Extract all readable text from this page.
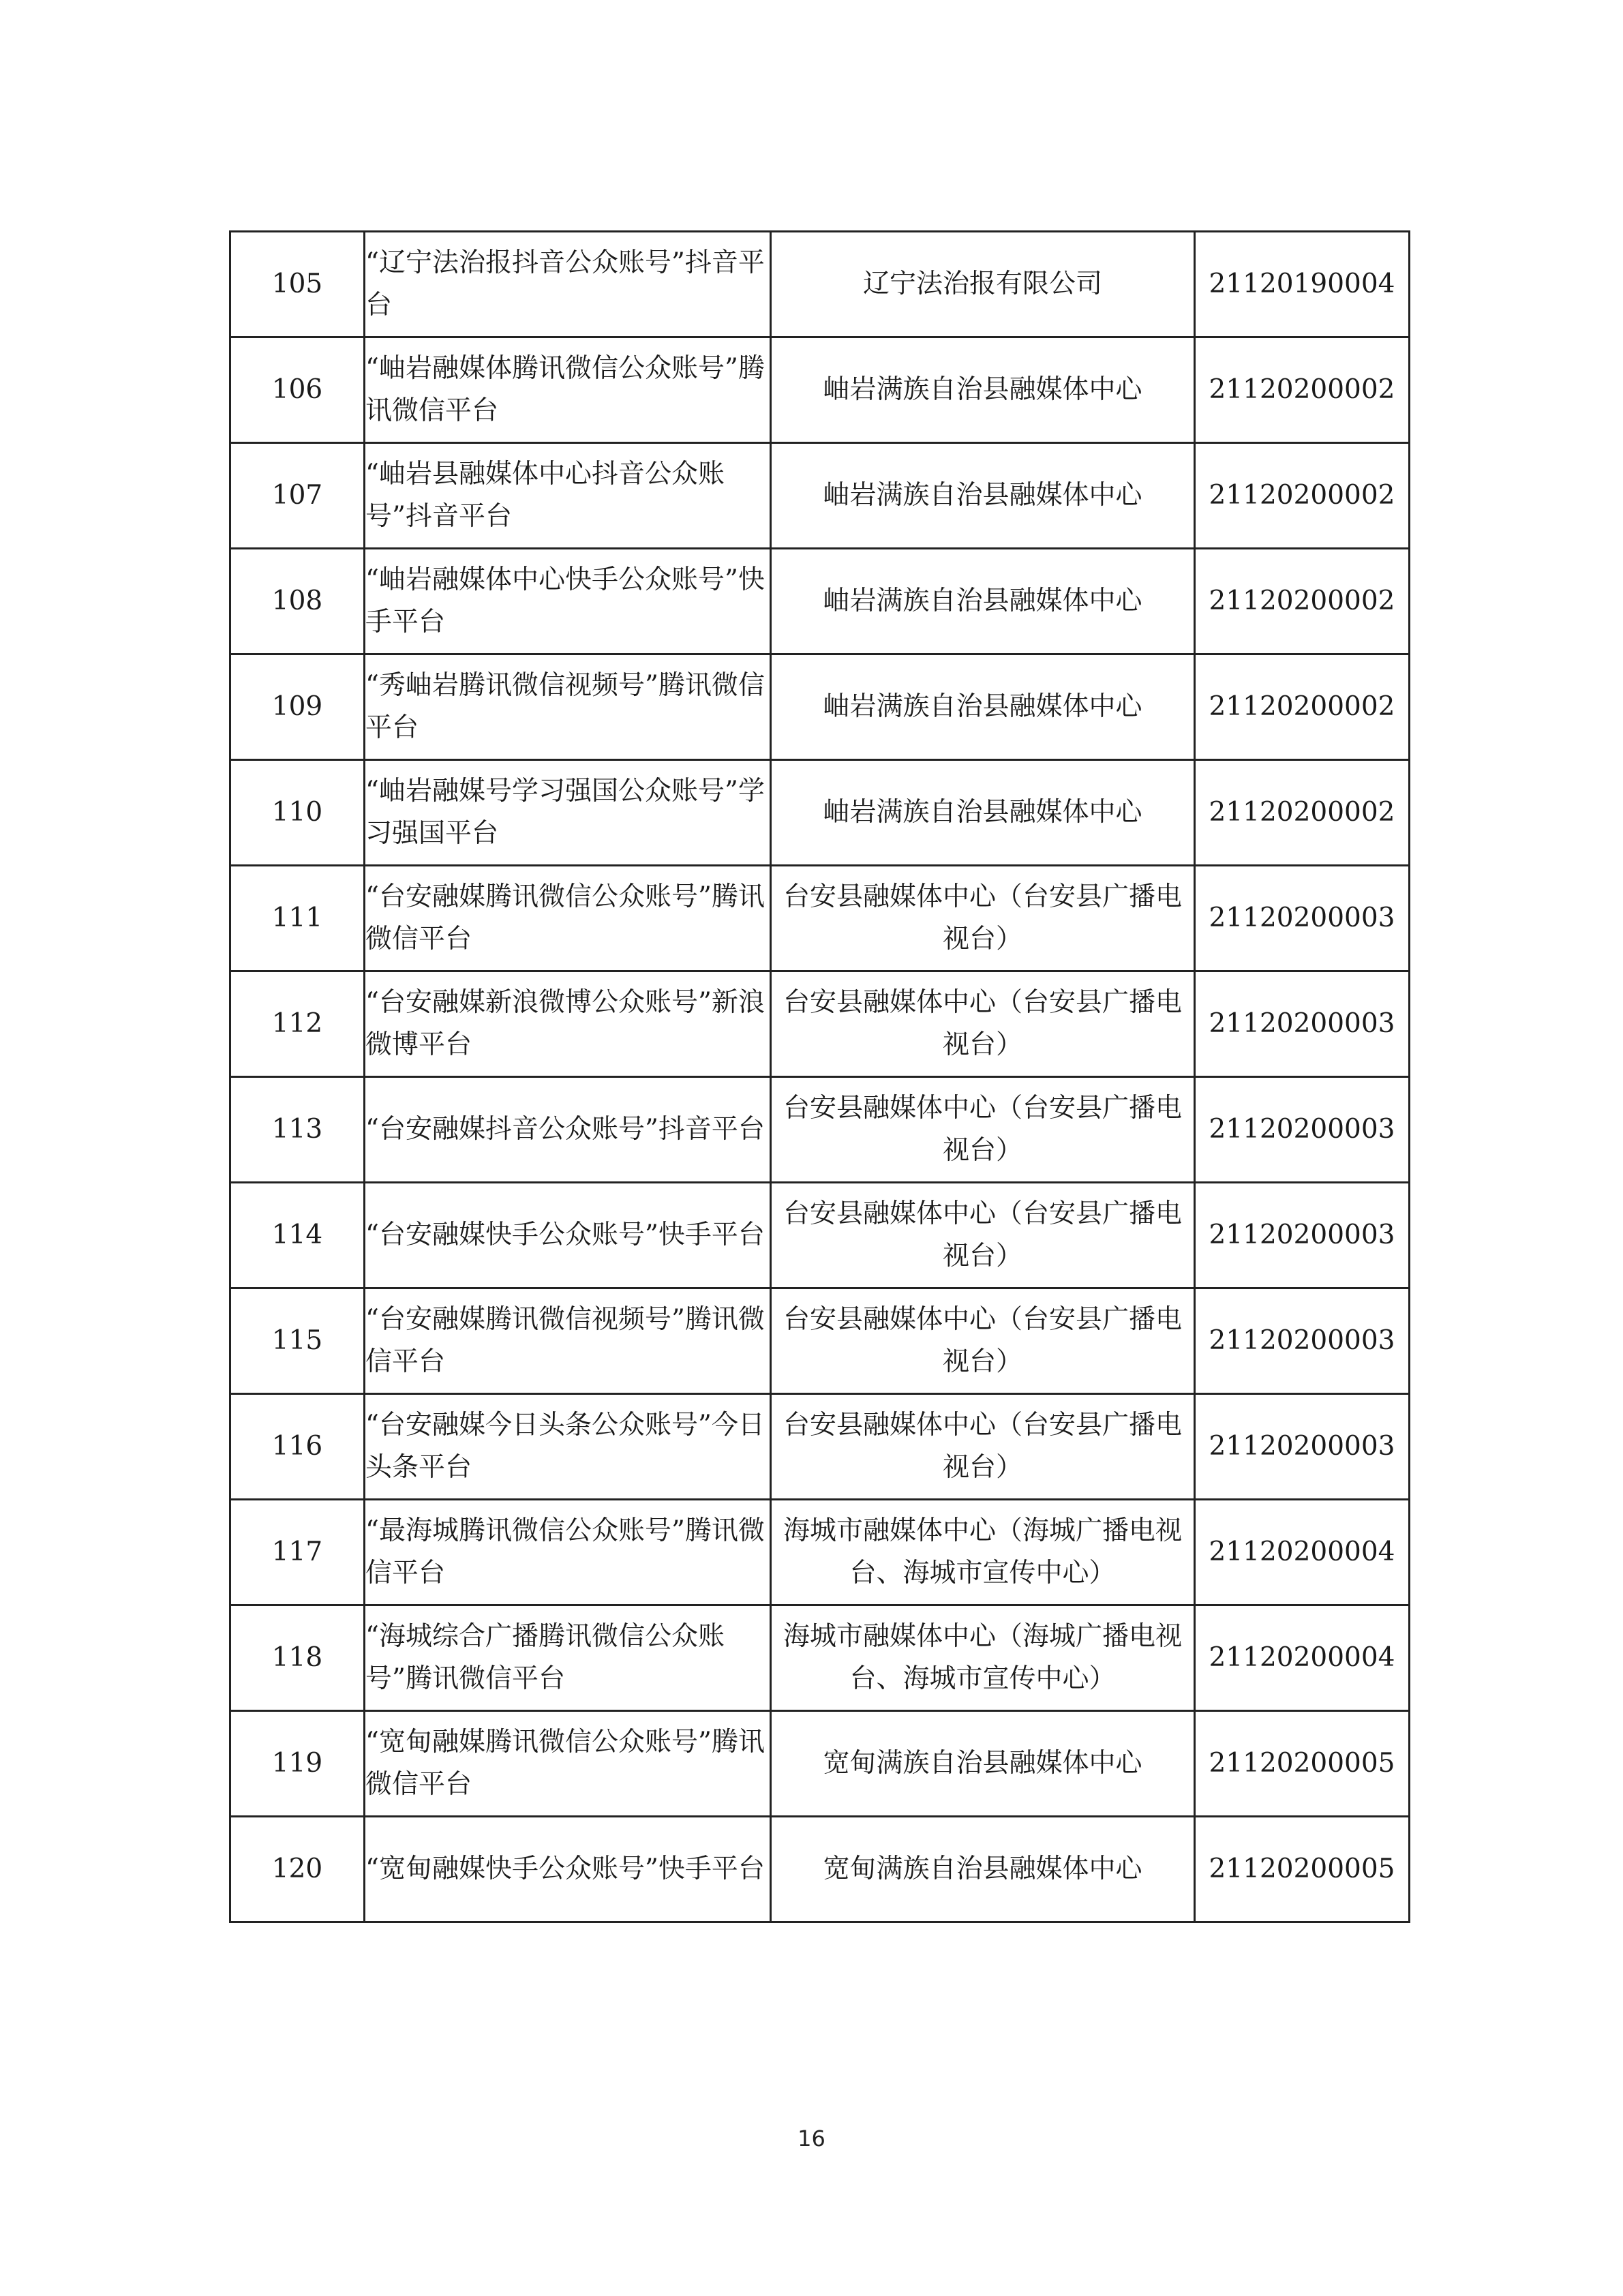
105	“辽宁法治报抖音公众账号”抖音平台	辽宁法治报有限公司	21120190004
106	“岫岩融媒体腾讯微信公众账号”腾讯微信平台	岫岩满族自治县融媒体中心	21120200002
107	“岫岩县融媒体中心抖音公众账号”抖音平台	岫岩满族自治县融媒体中心	21120200002
108	“岫岩融媒体中心快手公众账号”快手平台	岫岩满族自治县融媒体中心	21120200002
109	“秀岫岩腾讯微信视频号”腾讯微信平台	岫岩满族自治县融媒体中心	21120200002
110	“岫岩融媒号学习强国公众账号”学习强国平台	岫岩满族自治县融媒体中心	21120200002
111	“台安融媒腾讯微信公众账号”腾讯微信平台	台安县融媒体中心（台安县广播电视台）	21120200003
112	“台安融媒新浪微博公众账号”新浪微博平台	台安县融媒体中心（台安县广播电视台）	21120200003
113	“台安融媒抖音公众账号”抖音平台	台安县融媒体中心（台安县广播电视台）	21120200003
114	“台安融媒快手公众账号”快手平台	台安县融媒体中心（台安县广播电视台）	21120200003
115	“台安融媒腾讯微信视频号”腾讯微信平台	台安县融媒体中心（台安县广播电视台）	21120200003
116	“台安融媒今日头条公众账号”今日头条平台	台安县融媒体中心（台安县广播电视台）	21120200003
117	“最海城腾讯微信公众账号”腾讯微信平台	海城市融媒体中心（海城广播电视台、海城市宣传中心）	21120200004
118	“海城综合广播腾讯微信公众账号”腾讯微信平台	海城市融媒体中心（海城广播电视台、海城市宣传中心）	21120200004
119	“宽甸融媒腾讯微信公众账号”腾讯微信平台	宽甸满族自治县融媒体中心	21120200005
120	“宽甸融媒快手公众账号”快手平台	宽甸满族自治县融媒体中心	21120200005
16
